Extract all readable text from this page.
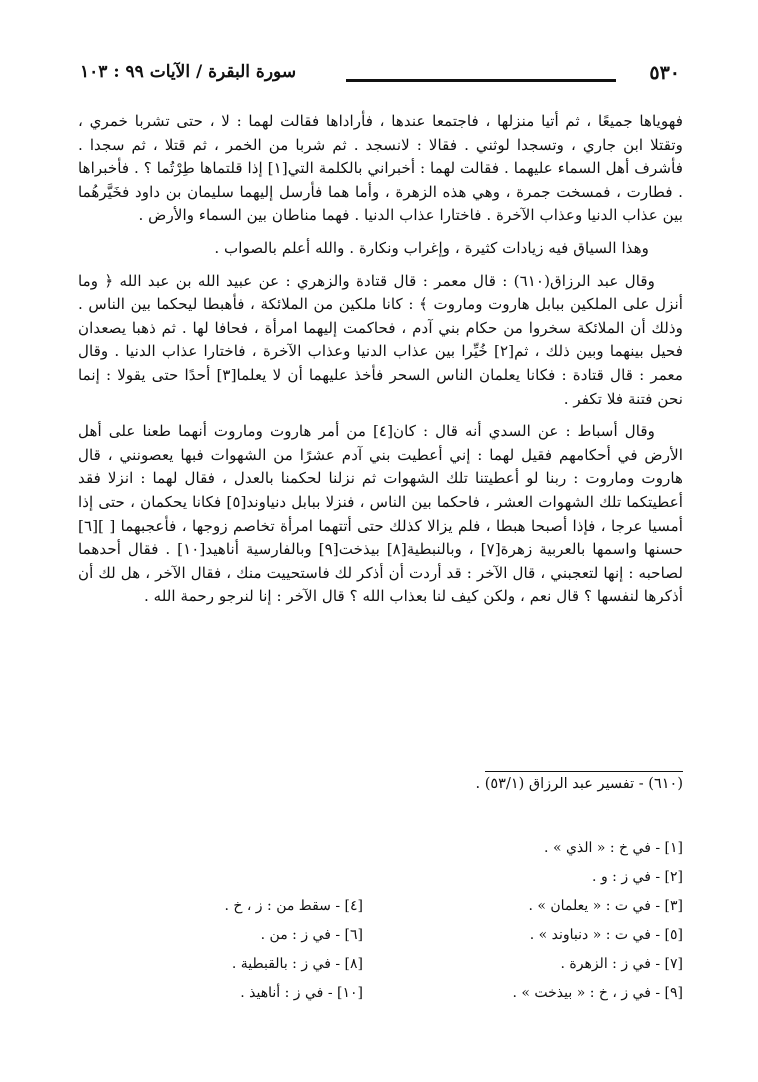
٥٣٠
سورة البقرة / الآيات ٩٩ : ١٠٣

فهوياها جميعًا ، ثم أتيا منزلها ، فاجتمعا عندها ، فأراداها فقالت لهما : لا ، حتى تشربا خمري ، وتقتلا ابن جاري ، وتسجدا لوثني . فقالا : لانسجد . ثم شربا من الخمر ، ثم قتلا ، ثم سجدا . فأشرف أهل السماء عليهما . فقالت لهما : أخبراني بالكلمة التي[١] إذا قلتماها طِرْتُما ؟ . فأخبراها . فطارت ، فمسخت جمرة ، وهي هذه الزهرة ، وأما هما فأرسل إليهما سليمان بن داود فخَيَّرهُما بين عذاب الدنيا وعذاب الآخرة . فاختارا عذاب الدنيا . فهما مناطان بين السماء والأرض .

وهذا السياق فيه زيادات كثيرة ، وإغراب ونكارة . والله أعلم بالصواب .

وقال عبد الرزاق(٦١٠) : قال معمر : قال قتادة والزهري : عن عبيد الله بن عبد الله ﴿ وما أنزل على الملكين ببابل هاروت وماروت ﴾ : كانا ملكين من الملائكة ، فأهبطا ليحكما بين الناس . وذلك أن الملائكة سخروا من حكام بني آدم ، فحاكمت إليهما امرأة ، فحافا لها . ثم ذهبا يصعدان فحيل بينهما وبين ذلك ، ثم[٢] خُيِّرا بين عذاب الدنيا وعذاب الآخرة ، فاختارا عذاب الدنيا . وقال معمر : قال قتادة : فكانا يعلمان الناس السحر فأخذ عليهما أن لا يعلما[٣] أحدًا حتى يقولا : إنما نحن فتنة فلا تكفر .

وقال أسباط : عن السدي أنه قال : كان[٤] من أمر هاروت وماروت أنهما طعنا على أهل الأرض في أحكامهم فقيل لهما : إني أعطيت بني آدم عشرًا من الشهوات فبها يعصونني ، قال هاروت وماروت : ربنا لو أعطيتنا تلك الشهوات ثم نزلنا لحكمنا بالعدل ، فقال لهما : انزلا فقد أعطيتكما تلك الشهوات العشر ، فاحكما بين الناس ، فنزلا ببابل دنياوند[٥] فكانا يحكمان ، حتى إذا أمسيا عرجا ، فإذا أصبحا هبطا ، فلم يزالا كذلك حتى أتتهما امرأة تخاصم زوجها ، فأعجبهما [ ][٦] حسنها واسمها بالعربية زهرة[٧] ، وبالنبطية[٨] بيذخت[٩] وبالفارسية أناهيد[١٠] . فقال أحدهما لصاحبه : إنها لتعجبني ، قال الآخر : قد أردت أن أذكر لك فاستحييت منك ، فقال الآخر ، هل لك أن أذكرها لنفسها ؟ قال نعم ، ولكن كيف لنا بعذاب الله ؟ قال الآخر : إنا لنرجو رحمة الله .

(٦١٠) - تفسير عبد الرزاق (٥٣/١) .
[١] - في خ : « الذي » .
[٢] - في ز : و .
[٣] - في ت : « يعلمان » .
[٤] - سقط من : ز ، خ .
[٥] - في ت : « دنباوند » .
[٦] - في ز : من .
[٧] - في ز : الزهرة .
[٨] - في ز : بالقبطية .
[٩] - في ز ، خ : « بيذخت » .
[١٠] - في ز : أناهيذ .
